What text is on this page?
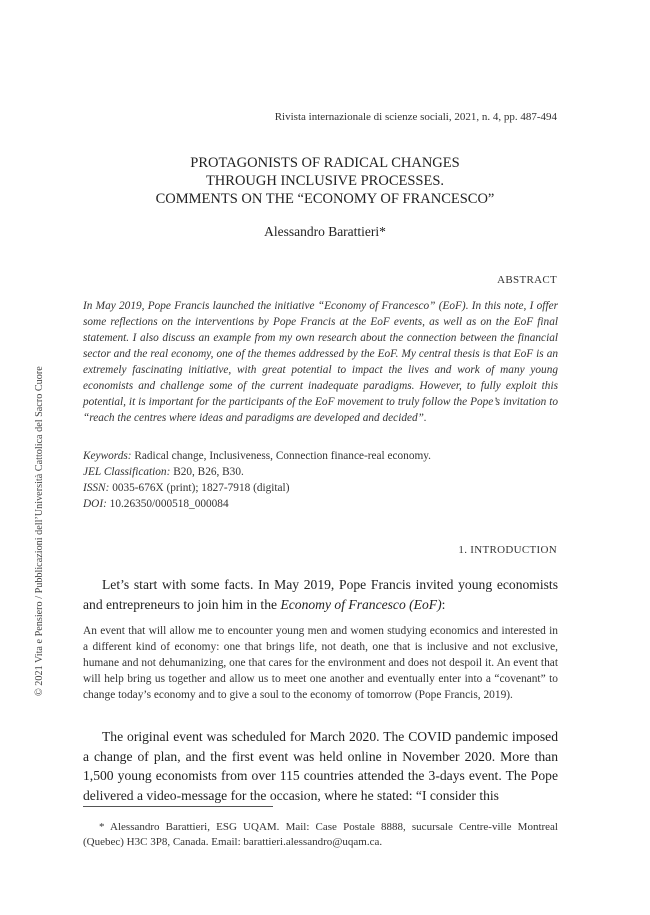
Rivista internazionale di scienze sociali, 2021, n. 4, pp. 487-494
PROTAGONISTS OF RADICAL CHANGES
THROUGH INCLUSIVE PROCESSES.
COMMENTS ON THE “ECONOMY OF FRANCESCO”
Alessandro Barattieri*
ABSTRACT

In May 2019, Pope Francis launched the initiative “Economy of Francesco” (EoF). In this note, I offer some reflections on the interventions by Pope Francis at the EoF events, as well as on the EoF final statement. I also discuss an example from my own research about the connection between the financial sector and the real economy, one of the themes addressed by the EoF. My central thesis is that EoF is an extremely fascinating initiative, with great potential to impact the lives and work of many young economists and challenge some of the current inadequate paradigms. However, to fully exploit this potential, it is important for the participants of the EoF movement to truly follow the Pope’s invitation to “reach the centres where ideas and paradigms are developed and decided”.

Keywords: Radical change, Inclusiveness, Connection finance-real economy.
JEL Classification: B20, B26, B30.
ISSN: 0035-676X (print); 1827-7918 (digital)
DOI: 10.26350/000518_000084
1. INTRODUCTION

Let’s start with some facts. In May 2019, Pope Francis invited young economists and entrepreneurs to join him in the Economy of Francesco (EoF):

An event that will allow me to encounter young men and women studying economics and interested in a different kind of economy: one that brings life, not death, one that is inclusive and not exclusive, humane and not dehumanizing, one that cares for the environment and does not despoil it. An event that will help bring us together and allow us to meet one another and eventually enter into a “covenant” to change today’s economy and to give a soul to the economy of tomorrow (Pope Francis, 2019).

The original event was scheduled for March 2020. The COVID pandemic imposed a change of plan, and the first event was held online in November 2020. More than 1,500 young economists from over 115 countries attended the 3-days event. The Pope delivered a video-message for the occasion, where he stated: “I consider this

* Alessandro Barattieri, ESG UQAM. Mail: Case Postale 8888, sucursale Centre-ville Montreal (Quebec) H3C 3P8, Canada. Email: barattieri.alessandro@uqam.ca.

© 2021 Vita e Pensiero / Pubblicazioni dell’Università Cattolica del Sacro Cuore
